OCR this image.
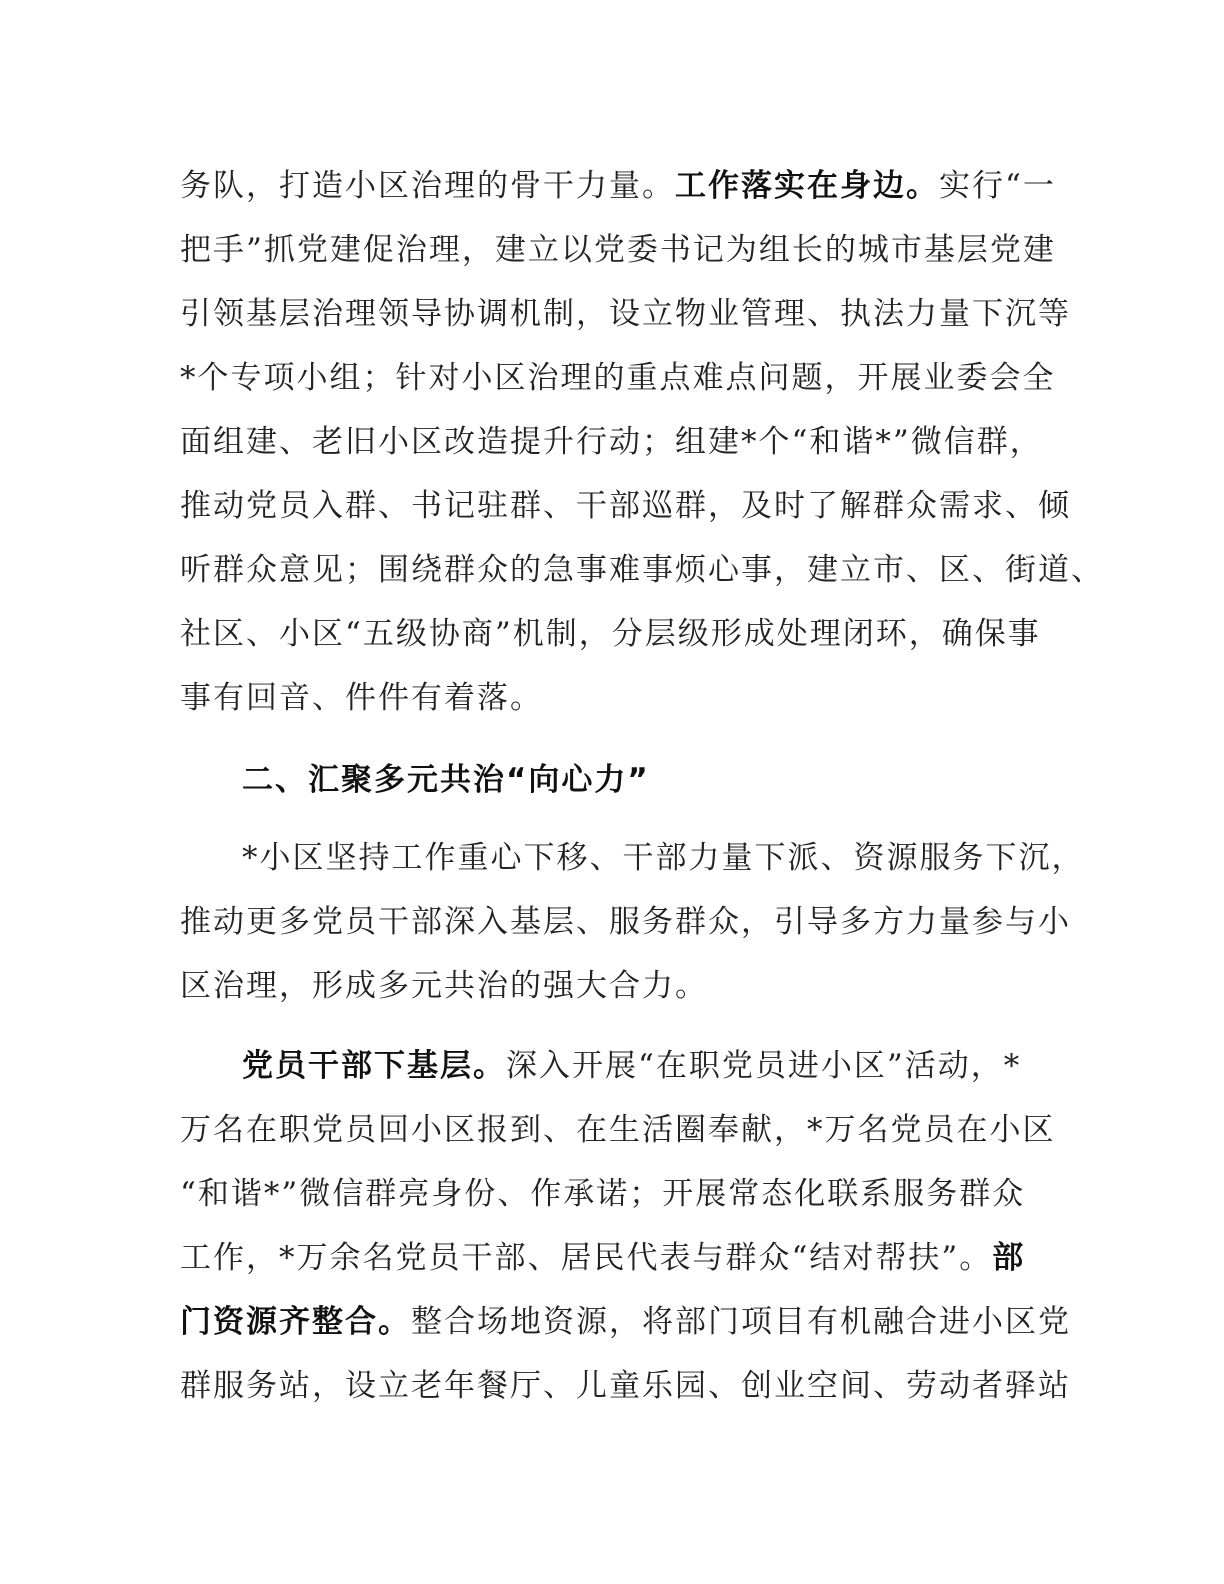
务队，打造小区治理的骨干力量。工作落实在身边。实行“一
把手”抓党建促治理，建立以党委书记为组长的城市基层党建
引领基层治理领导协调机制，设立物业管理、执法力量下沉等
*个专项小组；针对小区治理的重点难点问题，开展业委会全
面组建、老旧小区改造提升行动；组建*个“和谐*”微信群，
推动党员入群、书记驻群、干部巡群，及时了解群众需求、倾
听群众意见；围绕群众的急事难事烦心事，建立市、区、街道、
社区、小区“五级协商”机制，分层级形成处理闭环，确保事
事有回音、件件有着落。
二、汇聚多元共治“向心力”
*小区坚持工作重心下移、干部力量下派、资源服务下沉，
推动更多党员干部深入基层、服务群众，引导多方力量参与小
区治理，形成多元共治的强大合力。
党员干部下基层。深入开展“在职党员进小区”活动，*
万名在职党员回小区报到、在生活圈奉献，*万名党员在小区
“和谐*”微信群亮身份、作承诺；开展常态化联系服务群众
工作，*万余名党员干部、居民代表与群众“结对帮扶”。部
门资源齐整合。整合场地资源，将部门项目有机融合进小区党
群服务站，设立老年餐厅、儿童乐园、创业空间、劳动者驿站
